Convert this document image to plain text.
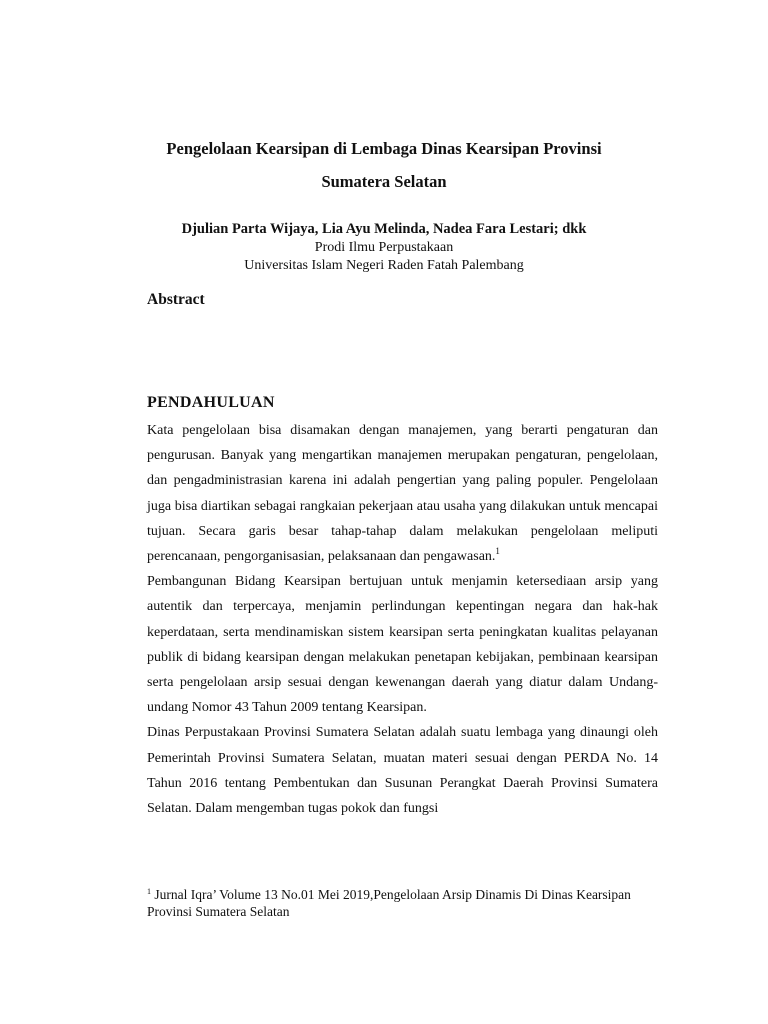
Pengelolaan Kearsipan di Lembaga Dinas Kearsipan Provinsi
Sumatera Selatan
Djulian Parta Wijaya, Lia Ayu Melinda, Nadea Fara Lestari; dkk
Prodi Ilmu Perpustakaan
Universitas Islam Negeri Raden Fatah Palembang
Abstract
PENDAHULUAN

Kata pengelolaan bisa disamakan dengan manajemen, yang berarti pengaturan dan pengurusan. Banyak yang mengartikan manajemen merupakan pengaturan, pengelolaan, dan pengadministrasian karena ini adalah pengertian yang paling populer. Pengelolaan juga bisa diartikan sebagai rangkaian pekerjaan atau usaha yang dilakukan untuk mencapai tujuan. Secara garis besar tahap-tahap dalam melakukan pengelolaan meliputi perencanaan, pengorganisasian, pelaksanaan dan pengawasan.$^1$

Pembangunan Bidang Kearsipan bertujuan untuk menjamin ketersediaan arsip yang autentik dan terpercaya, menjamin perlindungan kepentingan negara dan hak-hak keperdataan, serta mendinamiskan sistem kearsipan serta peningkatan kualitas pelayanan publik di bidang kearsipan dengan melakukan penetapan kebijakan, pembinaan kearsipan serta pengelolaan arsip sesuai dengan kewenangan daerah yang diatur dalam Undang-undang Nomor 43 Tahun 2009 tentang Kearsipan.

Dinas Perpustakaan Provinsi Sumatera Selatan adalah suatu lembaga yang dinaungi oleh Pemerintah Provinsi Sumatera Selatan, muatan materi sesuai dengan PERDA No. 14 Tahun 2016 tentang Pembentukan dan Susunan Perangkat Daerah Provinsi Sumatera Selatan. Dalam mengemban tugas pokok dan fungsi

$^1$ Jurnal Iqra’ Volume 13 No.01 Mei 2019,Pengelolaan Arsip Dinamis Di Dinas Kearsipan Provinsi Sumatera Selatan
